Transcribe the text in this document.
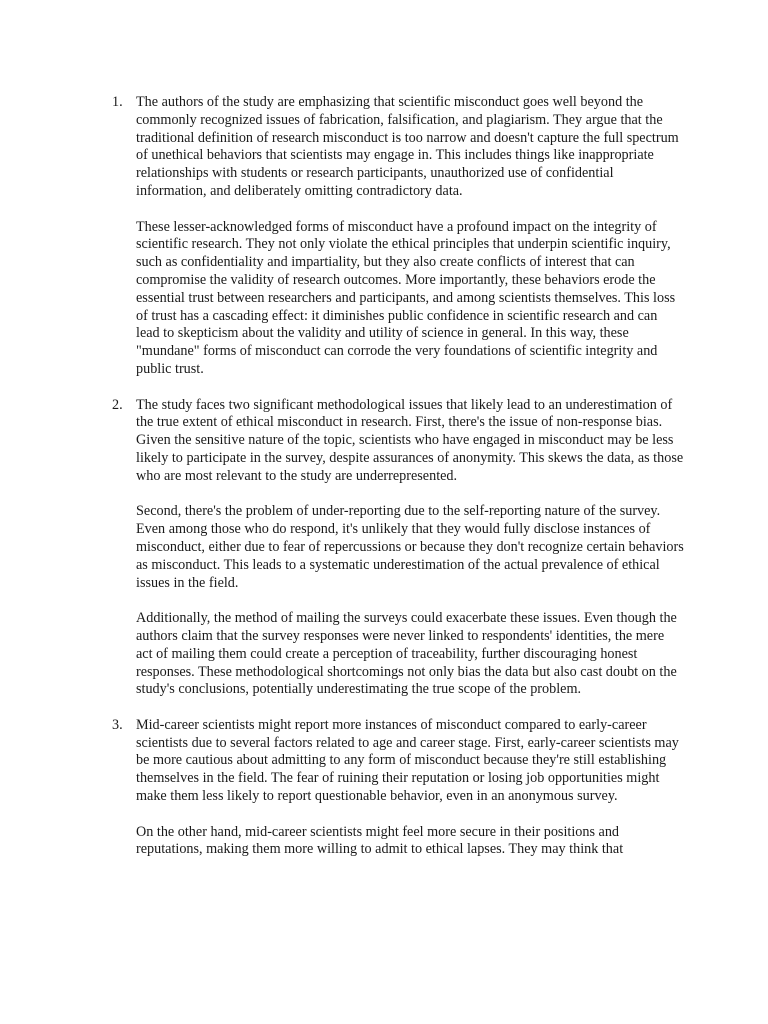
1. The authors of the study are emphasizing that scientific misconduct goes well beyond the commonly recognized issues of fabrication, falsification, and plagiarism. They argue that the traditional definition of research misconduct is too narrow and doesn't capture the full spectrum of unethical behaviors that scientists may engage in. This includes things like inappropriate relationships with students or research participants, unauthorized use of confidential information, and deliberately omitting contradictory data.

These lesser-acknowledged forms of misconduct have a profound impact on the integrity of scientific research. They not only violate the ethical principles that underpin scientific inquiry, such as confidentiality and impartiality, but they also create conflicts of interest that can compromise the validity of research outcomes. More importantly, these behaviors erode the essential trust between researchers and participants, and among scientists themselves. This loss of trust has a cascading effect: it diminishes public confidence in scientific research and can lead to skepticism about the validity and utility of science in general. In this way, these "mundane" forms of misconduct can corrode the very foundations of scientific integrity and public trust.

2. The study faces two significant methodological issues that likely lead to an underestimation of the true extent of ethical misconduct in research. First, there's the issue of non-response bias. Given the sensitive nature of the topic, scientists who have engaged in misconduct may be less likely to participate in the survey, despite assurances of anonymity. This skews the data, as those who are most relevant to the study are underrepresented.

Second, there's the problem of under-reporting due to the self-reporting nature of the survey. Even among those who do respond, it's unlikely that they would fully disclose instances of misconduct, either due to fear of repercussions or because they don't recognize certain behaviors as misconduct. This leads to a systematic underestimation of the actual prevalence of ethical issues in the field.

Additionally, the method of mailing the surveys could exacerbate these issues. Even though the authors claim that the survey responses were never linked to respondents' identities, the mere act of mailing them could create a perception of traceability, further discouraging honest responses. These methodological shortcomings not only bias the data but also cast doubt on the study's conclusions, potentially underestimating the true scope of the problem.

3. Mid-career scientists might report more instances of misconduct compared to early-career scientists due to several factors related to age and career stage. First, early-career scientists may be more cautious about admitting to any form of misconduct because they're still establishing themselves in the field. The fear of ruining their reputation or losing job opportunities might make them less likely to report questionable behavior, even in an anonymous survey.

On the other hand, mid-career scientists might feel more secure in their positions and reputations, making them more willing to admit to ethical lapses. They may think that
